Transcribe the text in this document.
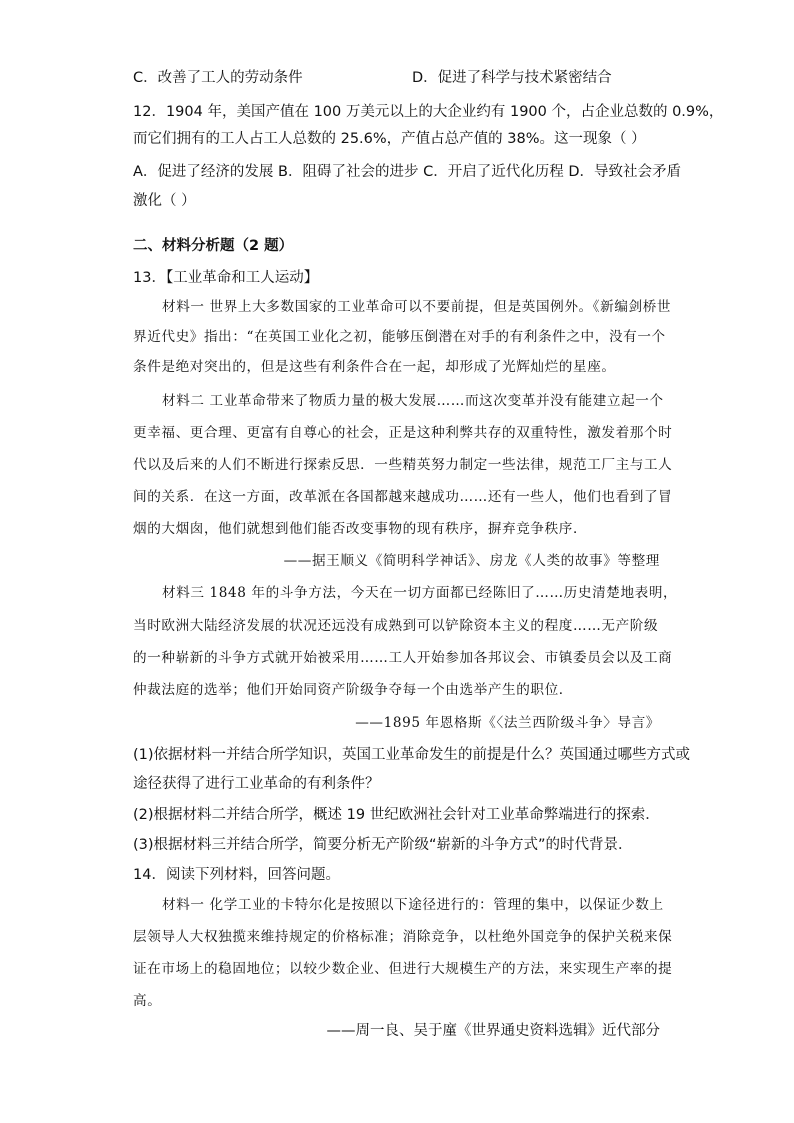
C．改善了工人的劳动条件	D．促进了科学与技术紧密结合
12．1904 年，美国产值在 100 万美元以上的大企业约有 1900 个，占企业总数的 0.9%，
而它们拥有的工人占工人总数的 25.6%，产值占总产值的 38%。这一现象（ ）
A．促进了经济的发展 B．阻碍了社会的进步 C．开启了近代化历程 D．导致社会矛盾
激化（ ）
二、材料分析题（2 题）
13．【工业革命和工人运动】
材料一 世界上大多数国家的工业革命可以不要前提，但是英国例外。《新编剑桥世
界近代史》指出：“在英国工业化之初，能够压倒潜在对手的有利条件之中，没有一个
条件是绝对突出的，但是这些有利条件合在一起，却形成了光辉灿烂的星座。
材料二 工业革命带来了物质力量的极大发展……而这次变革并没有能建立起一个
更幸福、更合理、更富有自尊心的社会，正是这种利弊共存的双重特性，激发着那个时
代以及后来的人们不断进行探索反思．一些精英努力制定一些法律，规范工厂主与工人
间的关系．在这一方面，改革派在各国都越来越成功……还有一些人，他们也看到了冒
烟的大烟囱，他们就想到他们能否改变事物的现有秩序，摒弃竞争秩序．
——据王顺义《简明科学神话》、房龙《人类的故事》等整理
材料三 1848 年的斗争方法，今天在一切方面都已经陈旧了……历史清楚地表明，
当时欧洲大陆经济发展的状况还远没有成熟到可以铲除资本主义的程度……无产阶级
的一种崭新的斗争方式就开始被采用……工人开始参加各邦议会、市镇委员会以及工商
仲裁法庭的选举；他们开始同资产阶级争夺每一个由选举产生的职位．
——1895 年恩格斯《〈法兰西阶级斗争〉导言》
(1)依据材料一并结合所学知识，英国工业革命发生的前提是什么？英国通过哪些方式或
途径获得了进行工业革命的有利条件？
(2)根据材料二并结合所学，概述 19 世纪欧洲社会针对工业革命弊端进行的探索．
(3)根据材料三并结合所学，简要分析无产阶级“崭新的斗争方式”的时代背景．
14．阅读下列材料，回答问题。
材料一 化学工业的卡特尔化是按照以下途径进行的：管理的集中，以保证少数上
层领导人大权独揽来维持规定的价格标准；消除竞争，以杜绝外国竞争的保护关税来保
证在市场上的稳固地位；以较少数企业、但进行大规模生产的方法，来实现生产率的提
高。
——周一良、吴于廑《世界通史资料选辑》近代部分
